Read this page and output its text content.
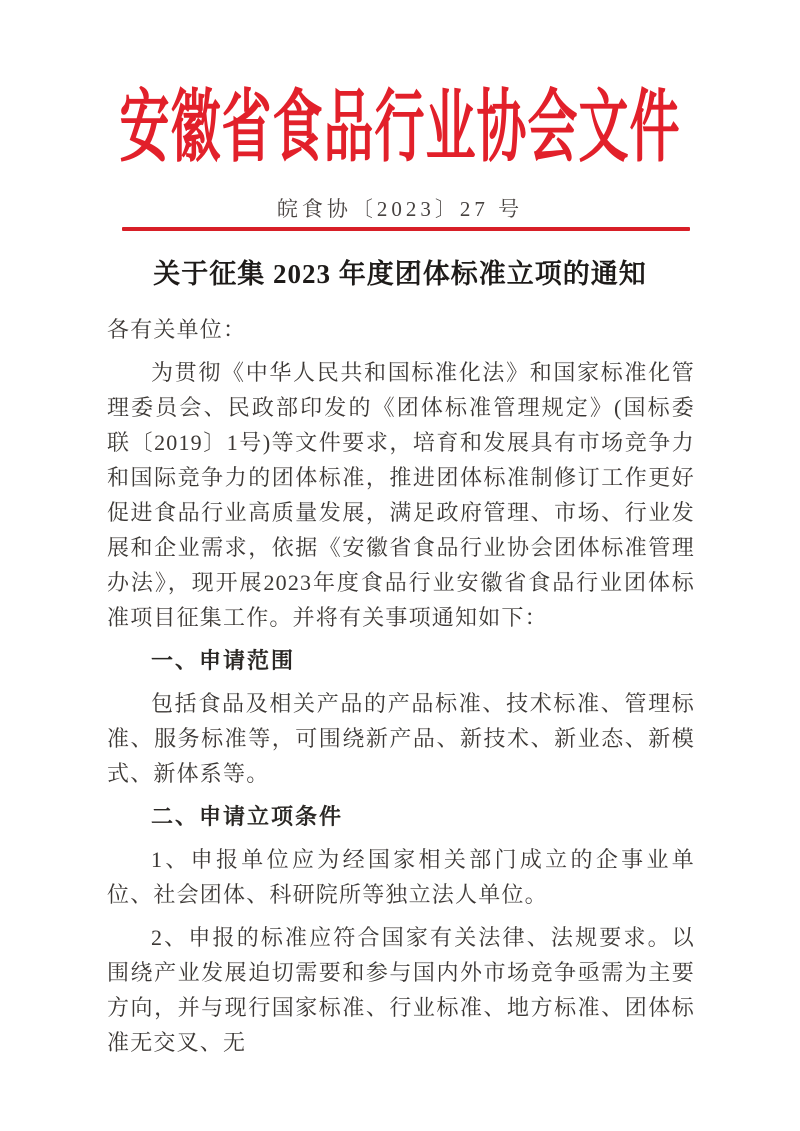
安徽省食品行业协会文件
皖食协〔2023〕27 号
关于征集 2023 年度团体标准立项的通知

各有关单位：

为贯彻《中华人民共和国标准化法》和国家标准化管理委员会、民政部印发的《团体标准管理规定》(国标委联〔2019〕1号)等文件要求，培育和发展具有市场竞争力和国际竞争力的团体标准，推进团体标准制修订工作更好促进食品行业高质量发展，满足政府管理、市场、行业发展和企业需求，依据《安徽省食品行业协会团体标准管理办法》，现开展2023年度食品行业安徽省食品行业团体标准项目征集工作。并将有关事项通知如下：

一、申请范围

包括食品及相关产品的产品标准、技术标准、管理标准、服务标准等，可围绕新产品、新技术、新业态、新模式、新体系等。

二、申请立项条件

1、申报单位应为经国家相关部门成立的企事业单位、社会团体、科研院所等独立法人单位。

2、申报的标准应符合国家有关法律、法规要求。以围绕产业发展迫切需要和参与国内外市场竞争亟需为主要方向，并与现行国家标准、行业标准、地方标准、团体标准无交叉、无
